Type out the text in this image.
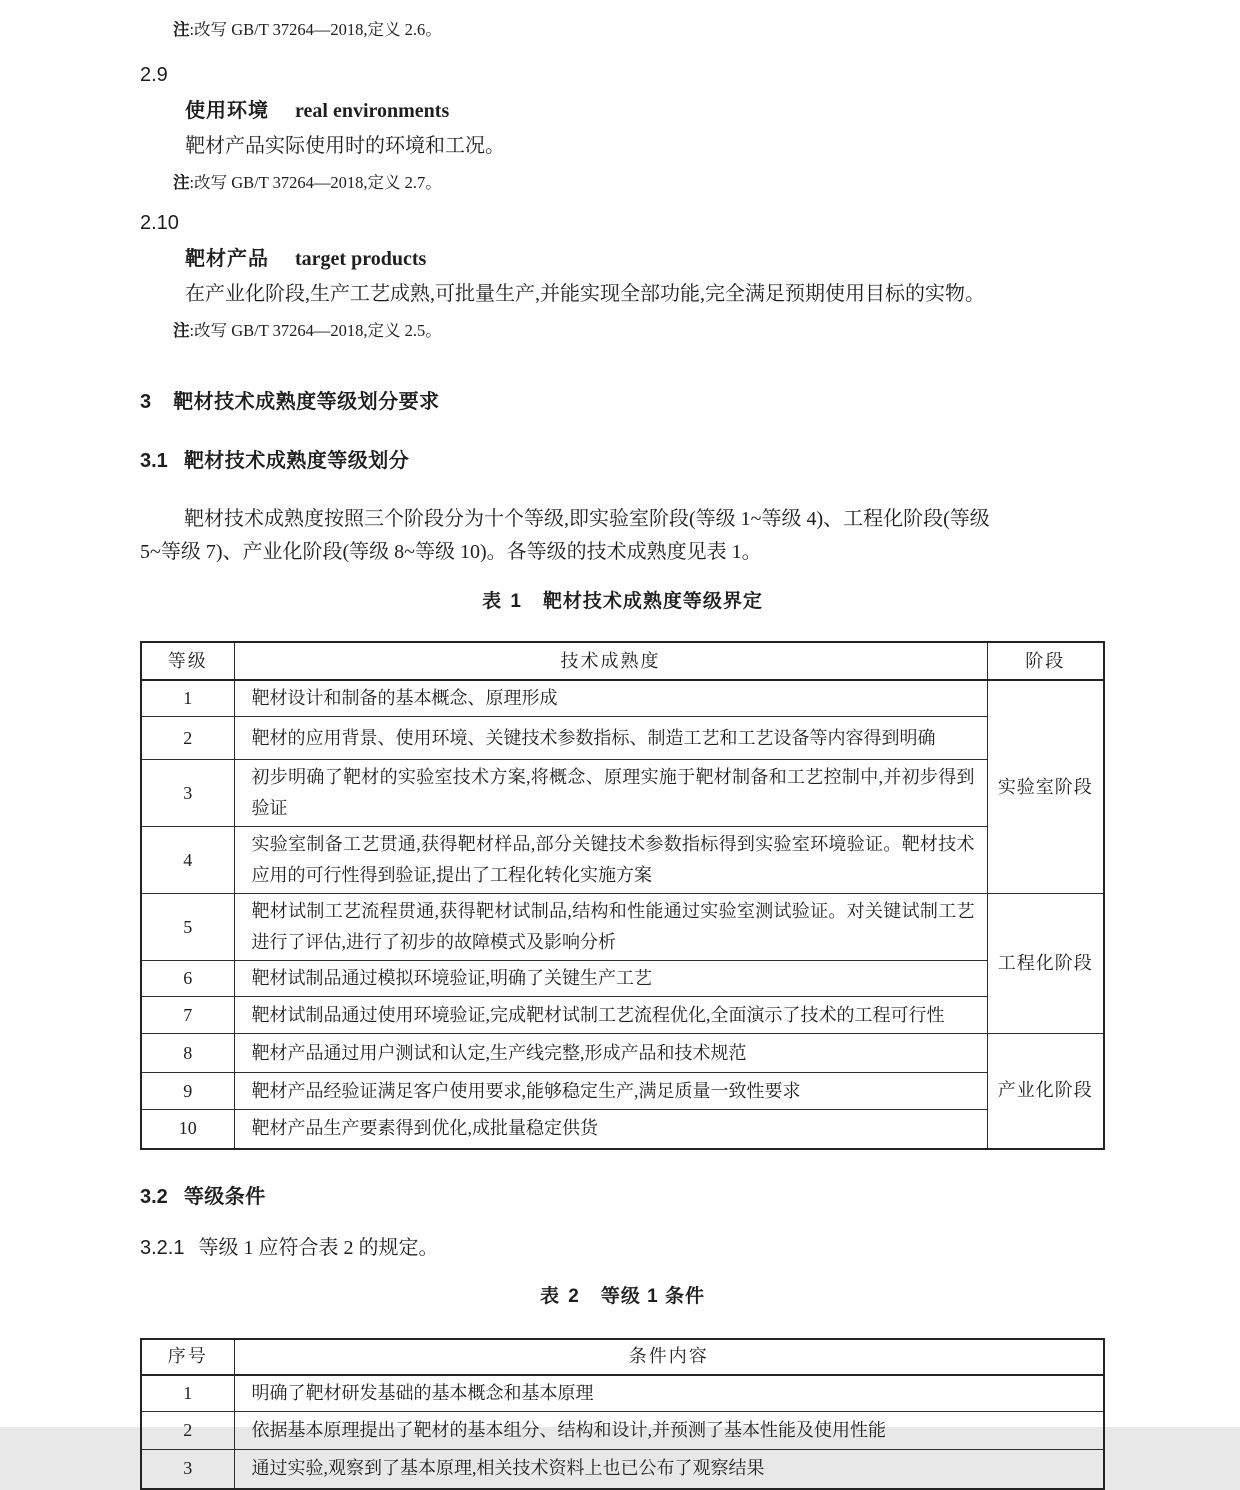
注:改写 GB/T 37264—2018,定义 2.6。

2.9

使用环境 real environments

靶材产品实际使用时的环境和工况。

注:改写 GB/T 37264—2018,定义 2.7。

2.10

靶材产品 target products

在产业化阶段,生产工艺成熟,可批量生产,并能实现全部功能,完全满足预期使用目标的实物。

注:改写 GB/T 37264—2018,定义 2.5。

3 靶材技术成熟度等级划分要求
3.1 靶材技术成熟度等级划分
靶材技术成熟度按照三个阶段分为十个等级,即实验室阶段(等级 1~等级 4)、工程化阶段(等级
5~等级 7)、产业化阶段(等级 8~等级 10)。各等级的技术成熟度见表 1。
表 1 靶材技术成熟度等级界定
等级	技术成熟度	阶段
1	靶材设计和制备的基本概念、原理形成	实验室阶段
2	靶材的应用背景、使用环境、关键技术参数指标、制造工艺和工艺设备等内容得到明确	
3	初步明确了靶材的实验室技术方案,将概念、原理实施于靶材制备和工艺控制中,并初步得到验证	
4	实验室制备工艺贯通,获得靶材样品,部分关键技术参数指标得到实验室环境验证。靶材技术应用的可行性得到验证,提出了工程化转化实施方案	
5	靶材试制工艺流程贯通,获得靶材试制品,结构和性能通过实验室测试验证。对关键试制工艺进行了评估,进行了初步的故障模式及影响分析	工程化阶段
6	靶材试制品通过模拟环境验证,明确了关键生产工艺	
7	靶材试制品通过使用环境验证,完成靶材试制工艺流程优化,全面演示了技术的工程可行性	
8	靶材产品通过用户测试和认定,生产线完整,形成产品和技术规范	产业化阶段
9	靶材产品经验证满足客户使用要求,能够稳定生产,满足质量一致性要求	
10	靶材产品生产要素得到优化,成批量稳定供货	
3.2 等级条件

3.2.1 等级 1 应符合表 2 的规定。

表 2 等级 1 条件
序号	条件内容
1	明确了靶材研发基础的基本概念和基本原理
2	依据基本原理提出了靶材的基本组分、结构和设计,并预测了基本性能及使用性能
3	通过实验,观察到了基本原理,相关技术资料上也已公布了观察结果
